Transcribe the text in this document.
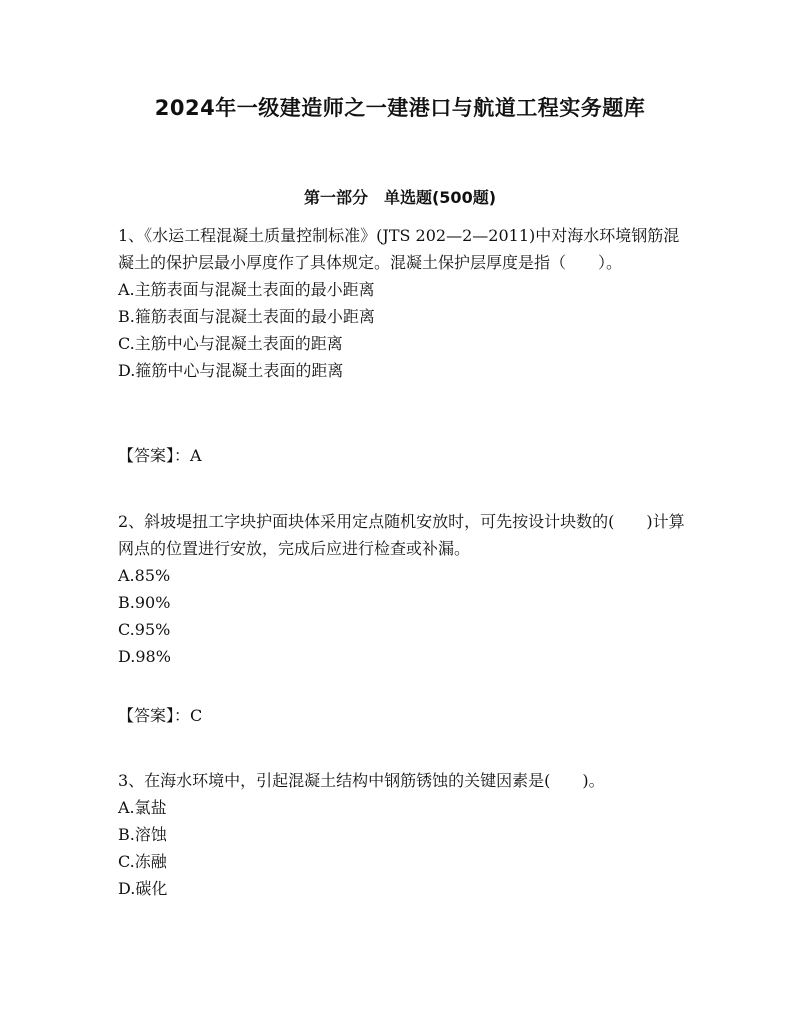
2024年一级建造师之一建港口与航道工程实务题库
第一部分　单选题(500题)
1、《水运工程混凝土质量控制标准》(JTS 202—2—2011)中对海水环境钢筋混凝土的保护层最小厚度作了具体规定。混凝土保护层厚度是指（　　）。
A.主筋表面与混凝土表面的最小距离
B.箍筋表面与混凝土表面的最小距离
C.主筋中心与混凝土表面的距离
D.箍筋中心与混凝土表面的距离
【答案】：A
2、斜坡堤扭工字块护面块体采用定点随机安放时，可先按设计块数的(　　)计算网点的位置进行安放，完成后应进行检查或补漏。
A.85%
B.90%
C.95%
D.98%
【答案】：C
3、在海水环境中，引起混凝土结构中钢筋锈蚀的关键因素是(　　)。
A.氯盐
B.溶蚀
C.冻融
D.碳化
